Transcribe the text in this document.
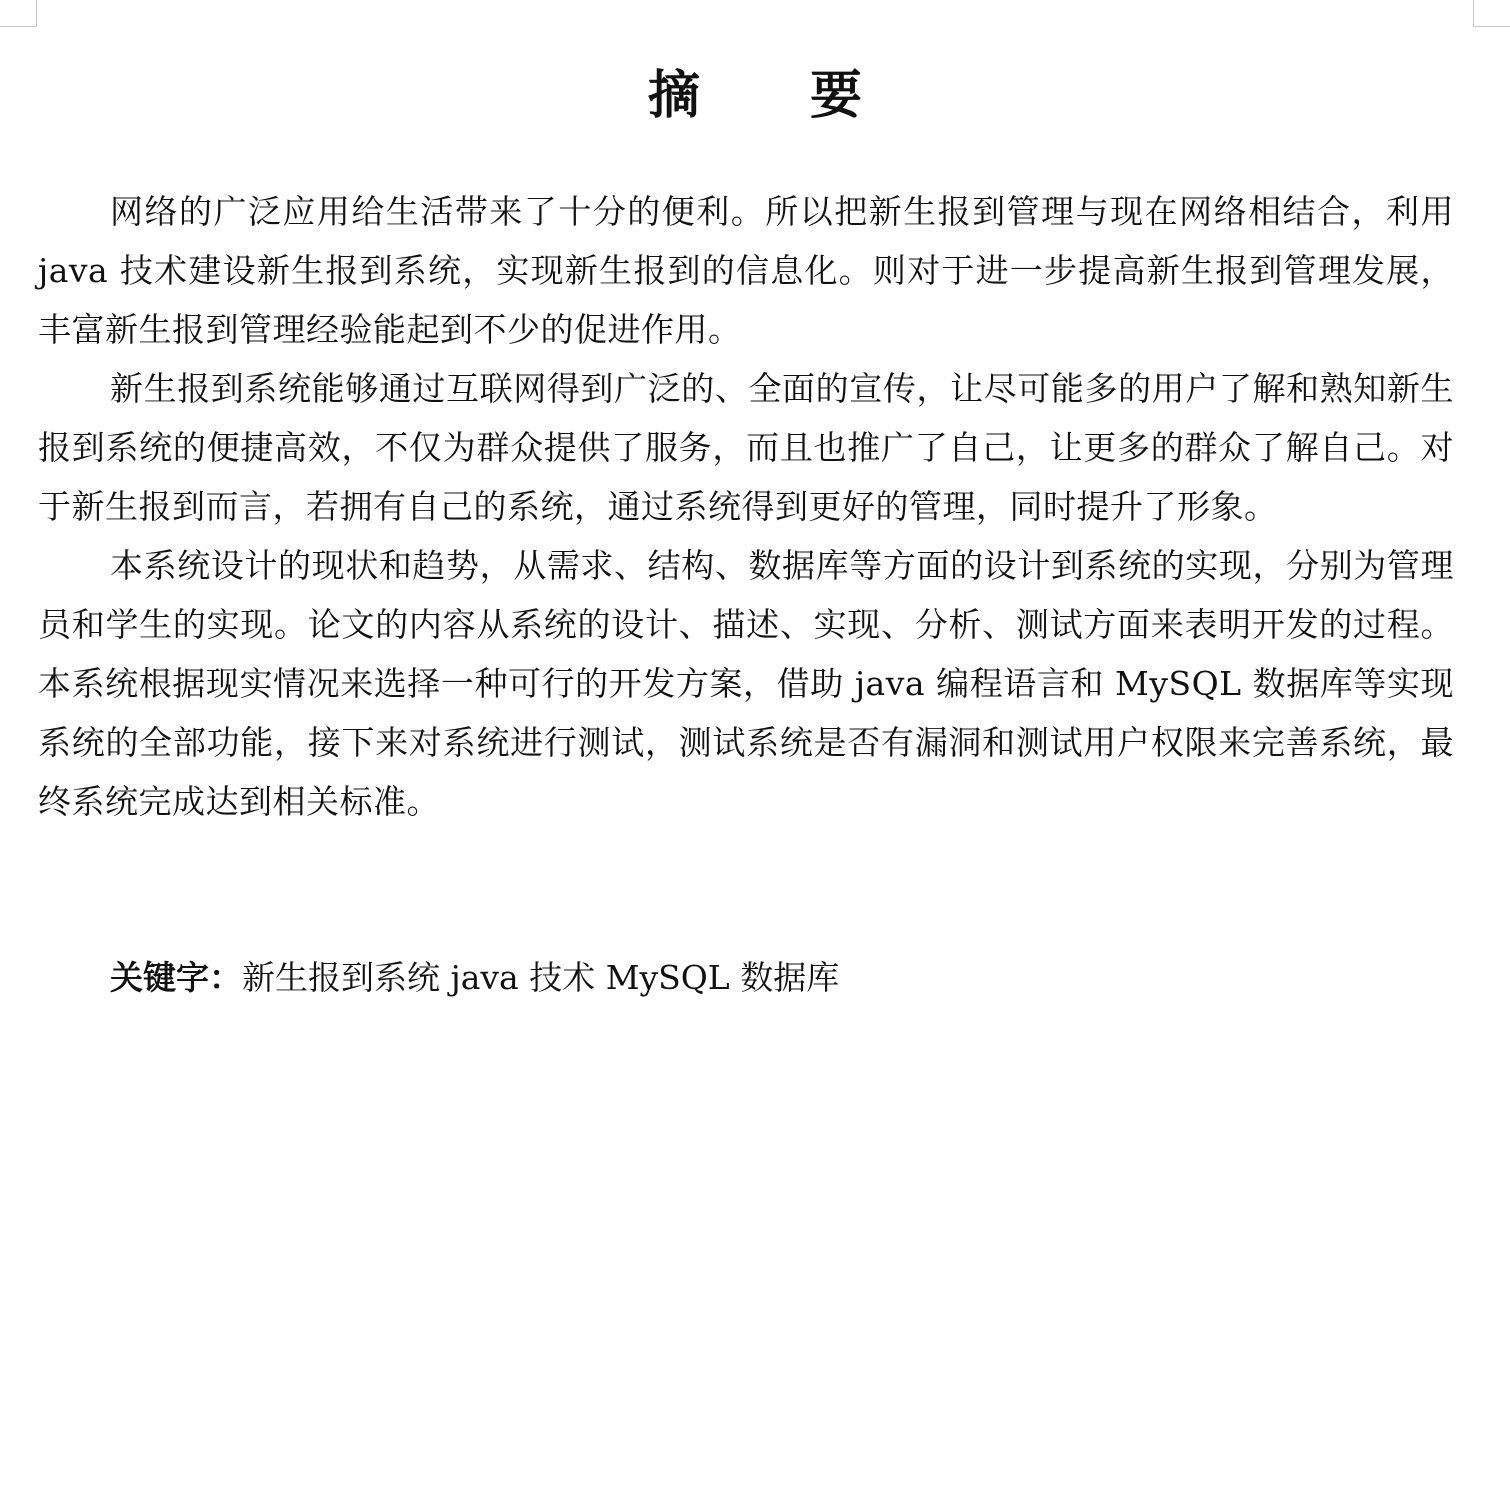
摘 要

网络的广泛应用给生活带来了十分的便利。所以把新生报到管理与现在网络相结合，利用 java 技术建设新生报到系统，实现新生报到的信息化。则对于进一步提高新生报到管理发展，丰富新生报到管理经验能起到不少的促进作用。

新生报到系统能够通过互联网得到广泛的、全面的宣传，让尽可能多的用户了解和熟知新生报到系统的便捷高效，不仅为群众提供了服务，而且也推广了自己，让更多的群众了解自己。对于新生报到而言，若拥有自己的系统，通过系统得到更好的管理，同时提升了形象。

本系统设计的现状和趋势，从需求、结构、数据库等方面的设计到系统的实现，分别为管理员和学生的实现。论文的内容从系统的设计、描述、实现、分析、测试方面来表明开发的过程。本系统根据现实情况来选择一种可行的开发方案，借助 java 编程语言和 MySQL 数据库等实现系统的全部功能，接下来对系统进行测试，测试系统是否有漏洞和测试用户权限来完善系统，最终系统完成达到相关标准。

关键字：新生报到系统 java 技术 MySQL 数据库
